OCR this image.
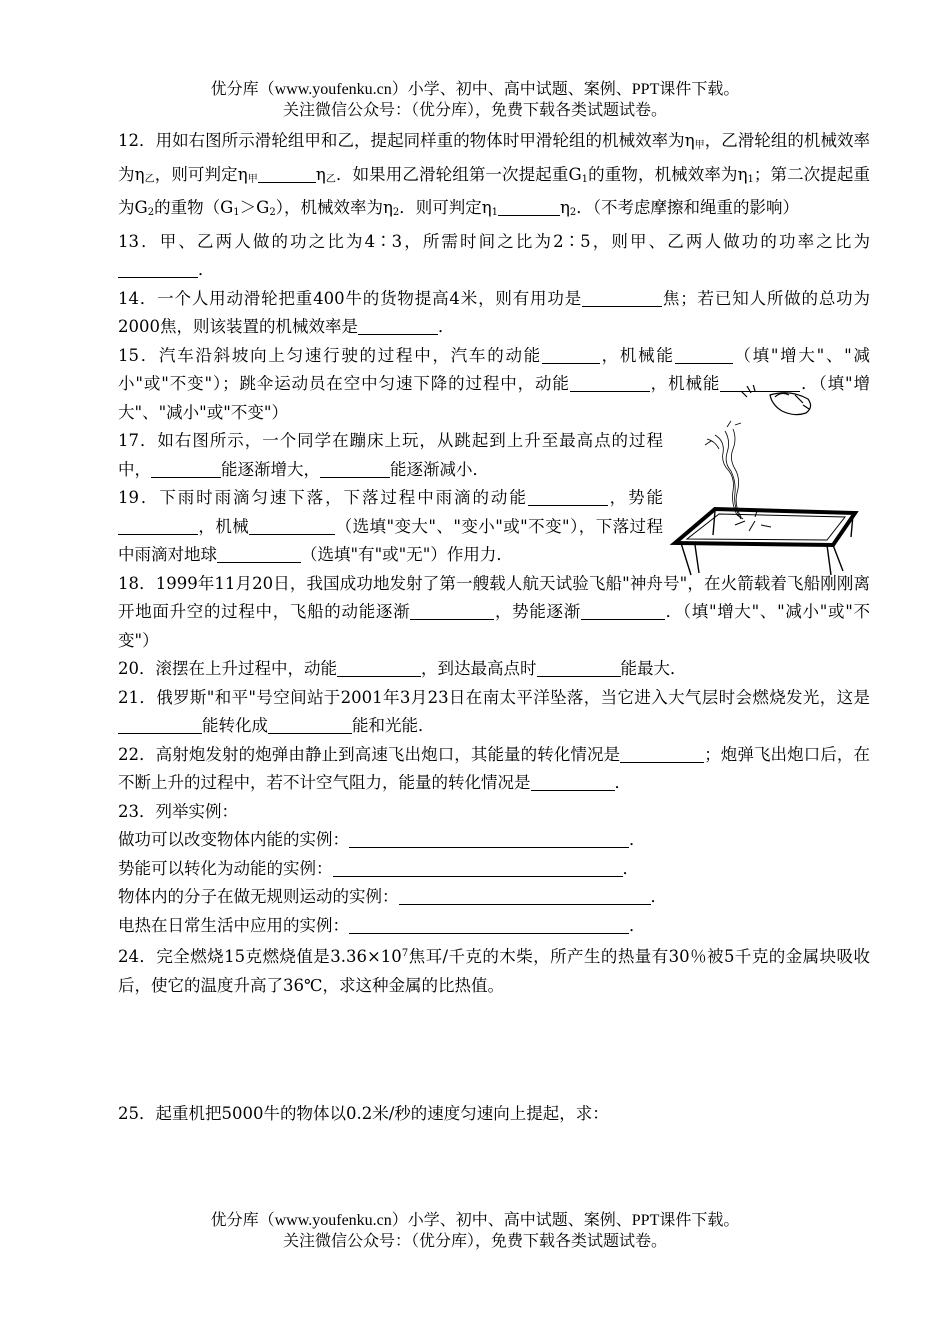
优分库（www.youfenku.cn）小学、初中、高中试题、案例、PPT课件下载。
关注微信公众号：（优分库），免费下载各类试题试卷。

12．用如右图所示滑轮组甲和乙，提起同样重的物体时甲滑轮组的机械效率为$\eta_甲$，乙滑轮组的机械效率为$\eta_乙$，则可判定$\eta_甲$	$\eta_乙$．如果用乙滑轮组第一次提起重$G_1$的重物，机械效率为$\eta_1$；第二次提起重为$G_2$的重物$(G_1>G_2)$，机械效率为$\eta_2$．则可判定$\eta_1$	$\eta_2$．（不考虑摩擦和绳重的影响）

13．甲、乙两人做的功之比为4∶3，所需时间之比为2∶5，则甲、乙两人做功的功率之比为．

14．一个人用动滑轮把重400牛的货物提高4米，则有用功是	焦；若已知人所做的总功为2000焦，则该装置的机械效率是	．

15．汽车沿斜坡向上匀速行驶的过程中，汽车的动能	，机械能	（填"增大"、"减小"或"不变"）；跳伞运动员在空中匀速下降的过程中，动能	，机械能	．（填"增大"、"减小"或"不变"）

17．如右图所示，一个同学在蹦床上玩，从跳起到上升至最高点的过程中，	能逐渐增大，	能逐渐减小．

19．下雨时雨滴匀速下落，下落过程中雨滴的动能	，势能，机械	（选填"变大"、"变小"或"不变"），下落过程中雨滴对地球	（选填"有"或"无"）作用力．

18．1999年11月20日，我国成功地发射了第一艘载人航天试验飞船"神舟号"，在火箭载着飞船刚刚离开地面升空的过程中，飞船的动能逐渐	，势能逐渐	．（填"增大"、"减小"或"不变"）

20．滚摆在上升过程中，动能	，到达最高点时	能最大．

21．俄罗斯"和平"号空间站于2001年3月23日在南太平洋坠落，当它进入大气层时会燃烧发光，这是能转化成	能和光能．

22．高射炮发射的炮弹由静止到高速飞出炮口，其能量的转化情况是	；炮弹飞出炮口后，在不断上升的过程中，若不计空气阻力，能量的转化情况是	．

23．列举实例：

做功可以改变物体内能的实例：	．
势能可以转化为动能的实例：	．
物体内的分子在做无规则运动的实例：	．
电热在日常生活中应用的实例：	．

24．完全燃烧15克燃烧值是$3.36\times 10^7$焦耳/千克的木柴，所产生的热量有30％被5千克的金属块吸收后，使它的温度升高了36℃，求这种金属的比热值。

25．起重机把5000牛的物体以0.2米/秒的速度匀速向上提起，求：

优分库（www.youfenku.cn）小学、初中、高中试题、案例、PPT课件下载。
关注微信公众号：（优分库），免费下载各类试题试卷。
